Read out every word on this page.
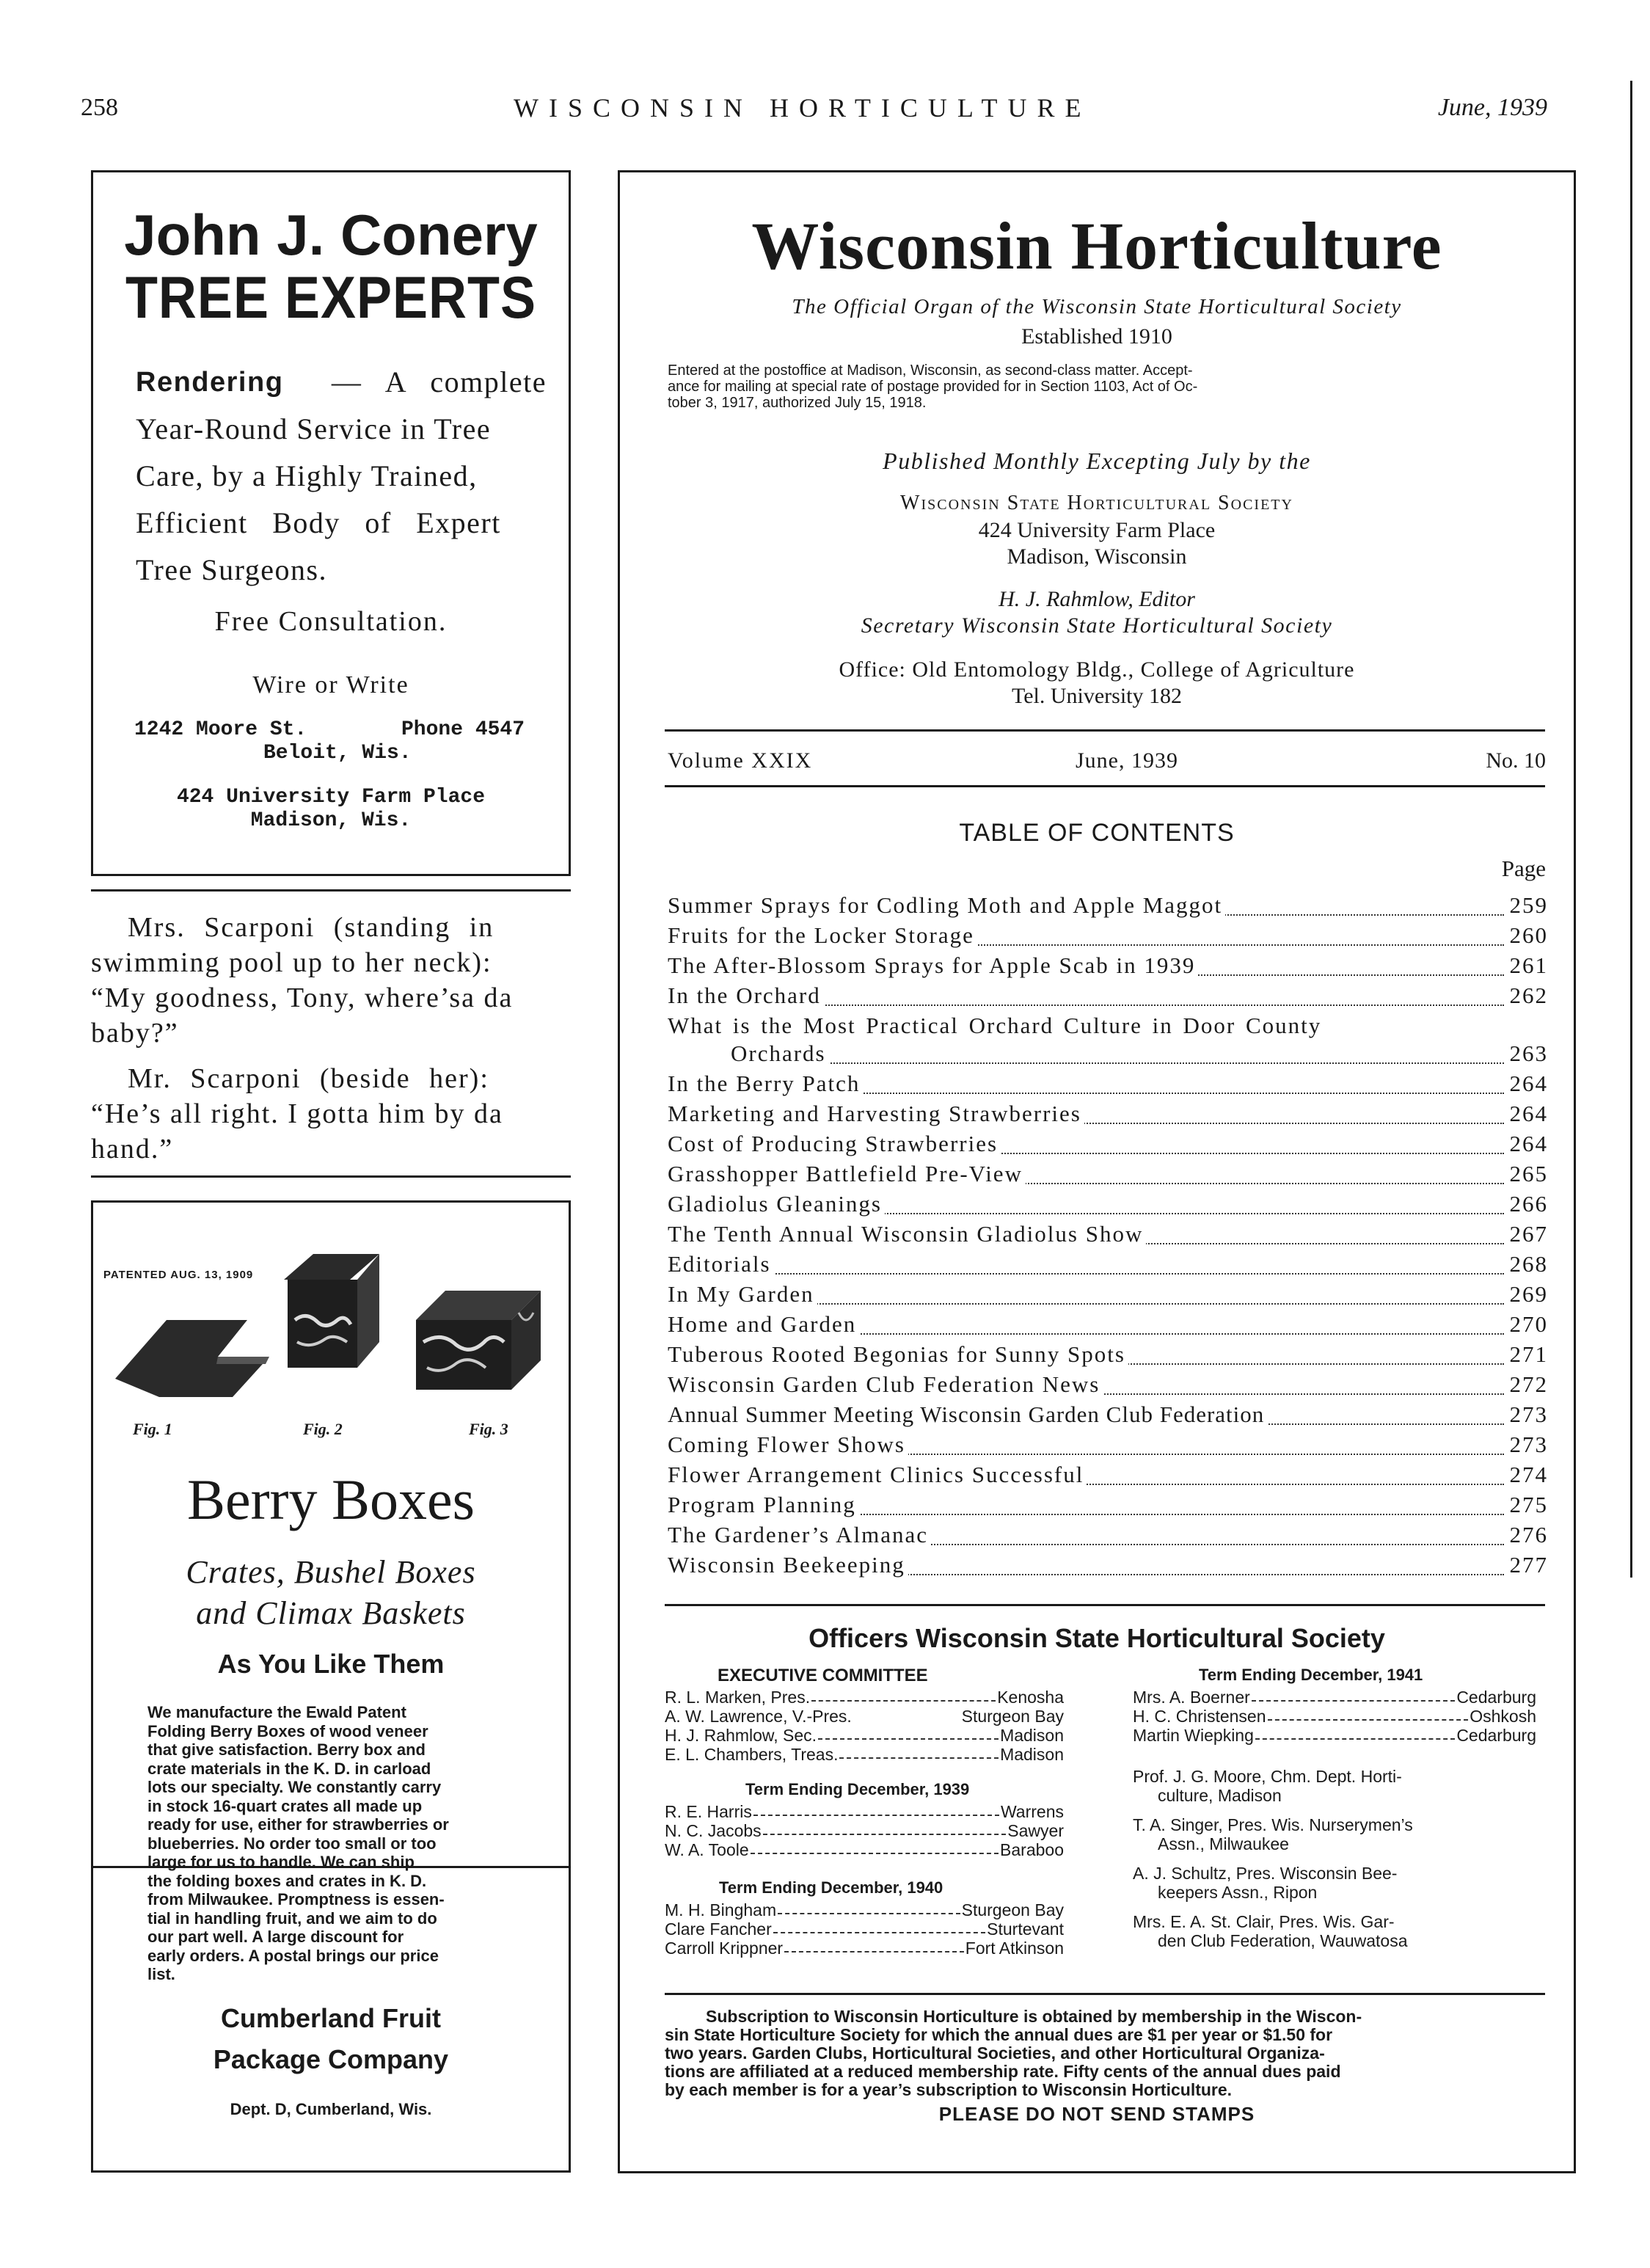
258	WISCONSIN HORTICULTURE	June, 1939
John J. Conery
TREE EXPERTS
Rendering — A complete
Year-Round Service in Tree
Care, by a Highly Trained,
Efficient Body of Expert
Tree Surgeons.
Free Consultation.
Wire or Write
1242 Moore St.	Phone 4547
Beloit, Wis.
424 University Farm Place
Madison, Wis.
Mrs. Scarponi (standing in
swimming pool up to her neck):
“My goodness, Tony, where’sa da
baby?”
Mr. Scarponi (beside her):
“He’s all right. I gotta him by da
hand.”
PATENTED AUG. 13, 1909
Fig. 1	Fig. 2	Fig. 3
Berry Boxes
Crates, Bushel Boxes
and Climax Baskets
As You Like Them
We manufacture the Ewald Patent
Folding Berry Boxes of wood veneer
that give satisfaction. Berry box and
crate materials in the K. D. in carload
lots our specialty. We constantly carry
in stock 16-quart crates all made up
ready for use, either for strawberries or
blueberries. No order too small or too
large for us to handle. We can ship
the folding boxes and crates in K. D.
from Milwaukee. Promptness is essen-
tial in handling fruit, and we aim to do
our part well. A large discount for
early orders. A postal brings our price
list.
Cumberland Fruit
Package Company
Dept. D, Cumberland, Wis.
Wisconsin Horticulture
The Official Organ of the Wisconsin State Horticultural Society
Established 1910
Entered at the postoffice at Madison, Wisconsin, as second-class matter. Accept-
ance for mailing at special rate of postage provided for in Section 1103, Act of Oc-
tober 3, 1917, authorized July 15, 1918.
Published Monthly Excepting July by the
Wisconsin State Horticultural Society
424 University Farm Place
Madison, Wisconsin
H. J. Rahmlow, Editor
Secretary Wisconsin State Horticultural Society
Office: Old Entomology Bldg., College of Agriculture
Tel. University 182
Volume XXIX	June, 1939	No. 10
TABLE OF CONTENTS
Page
Summer Sprays for Codling Moth and Apple Maggot	259
Fruits for the Locker Storage	260
The After-Blossom Sprays for Apple Scab in 1939	261
In the Orchard	262
What is the Most Practical Orchard Culture in Door County
Orchards	263
In the Berry Patch	264
Marketing and Harvesting Strawberries	264
Cost of Producing Strawberries	264
Grasshopper Battlefield Pre-View	265
Gladiolus Gleanings	266
The Tenth Annual Wisconsin Gladiolus Show	267
Editorials	268
In My Garden	269
Home and Garden	270
Tuberous Rooted Begonias for Sunny Spots	271
Wisconsin Garden Club Federation News	272
Annual Summer Meeting Wisconsin Garden Club Federation	273
Coming Flower Shows	273
Flower Arrangement Clinics Successful	274
Program Planning	275
The Gardener’s Almanac	276
Wisconsin Beekeeping	277
Officers Wisconsin State Horticultural Society
EXECUTIVE COMMITTEE
R. L. Marken, Pres.	Kenosha
A. W. Lawrence, V.-Pres.	Sturgeon Bay
H. J. Rahmlow, Sec.	Madison
E. L. Chambers, Treas.	Madison
Term Ending December, 1939
R. E. Harris	Warrens
N. C. Jacobs	Sawyer
W. A. Toole	Baraboo
Term Ending December, 1940
M. H. Bingham	Sturgeon Bay
Clare Fancher	Sturtevant
Carroll Krippner	Fort Atkinson
Term Ending December, 1941
Mrs. A. Boerner	Cedarburg
H. C. Christensen	Oshkosh
Martin Wiepking	Cedarburg
Prof. J. G. Moore, Chm. Dept. Horti-
culture, Madison
T. A. Singer, Pres. Wis. Nurserymen’s
Assn., Milwaukee
A. J. Schultz, Pres. Wisconsin Bee-
keepers Assn., Ripon
Mrs. E. A. St. Clair, Pres. Wis. Gar-
den Club Federation, Wauwatosa
Subscription to Wisconsin Horticulture is obtained by membership in the Wiscon-
sin State Horticulture Society for which the annual dues are $1 per year or $1.50 for
two years. Garden Clubs, Horticultural Societies, and other Horticultural Organiza-
tions are affiliated at a reduced membership rate. Fifty cents of the annual dues paid
by each member is for a year’s subscription to Wisconsin Horticulture.
PLEASE DO NOT SEND STAMPS
